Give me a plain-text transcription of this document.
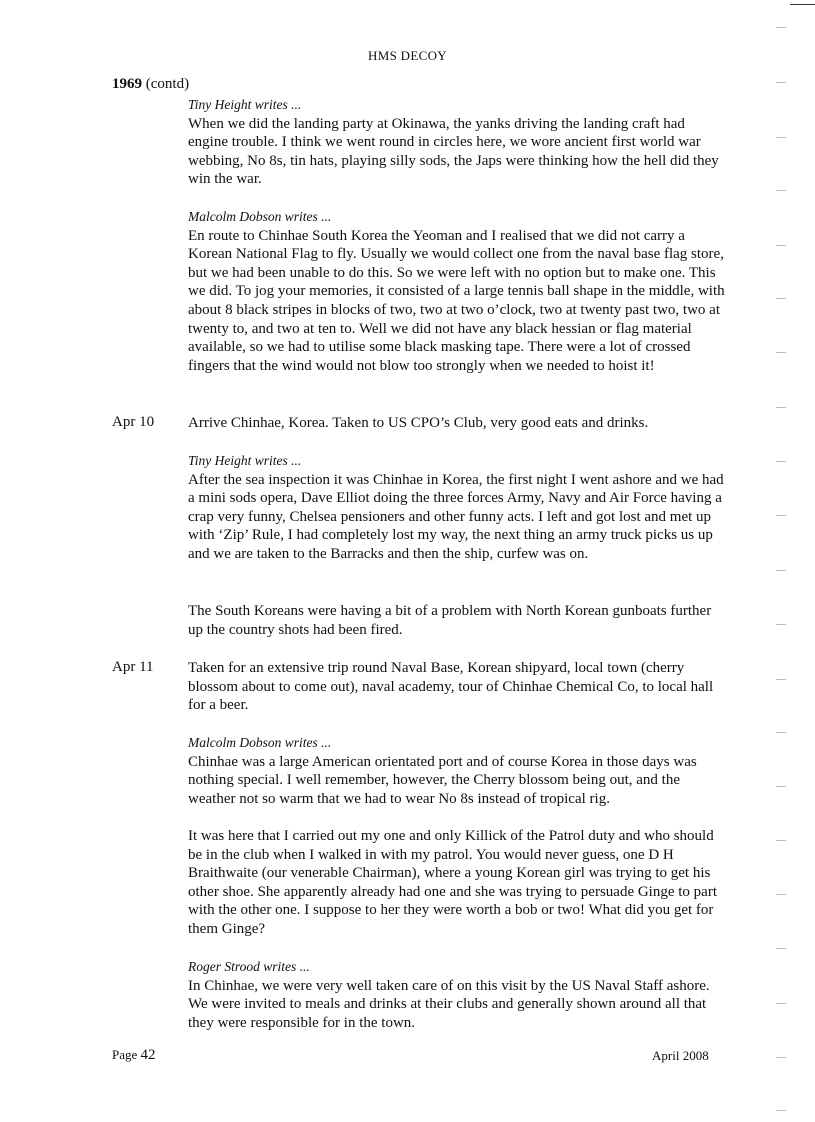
HMS DECOY
1969 (contd)
Tiny Height writes ...

When we did the landing party at Okinawa, the yanks driving the landing craft had engine trouble. I think we went round in circles here, we wore ancient first world war webbing, No 8s, tin hats, playing silly sods, the Japs were thinking how the hell did they win the war.

Malcolm Dobson writes ...

En route to Chinhae South Korea the Yeoman and I realised that we did not carry a Korean National Flag to fly. Usually we would collect one from the naval base flag store, but we had been unable to do this. So we were left with no option but to make one. This we did. To jog your memories, it consisted of a large tennis ball shape in the middle, with about 8 black stripes in blocks of two, two at two o’clock, two at twenty past two, two at twenty to, and two at ten to. Well we did not have any black hessian or flag material available, so we had to utilise some black masking tape. There were a lot of crossed fingers that the wind would not blow too strongly when we needed to hoist it!

Apr 10 Arrive Chinhae, Korea. Taken to US CPO’s Club, very good eats and drinks.

Tiny Height writes ...

After the sea inspection it was Chinhae in Korea, the first night I went ashore and we had a mini sods opera, Dave Elliot doing the three forces Army, Navy and Air Force having a crap very funny, Chelsea pensioners and other funny acts. I left and got lost and met up with ‘Zip’ Rule, I had completely lost my way, the next thing an army truck picks us up and we are taken to the Barracks and then the ship, curfew was on.

The South Koreans were having a bit of a problem with North Korean gunboats further up the country shots had been fired.

Apr 11 Taken for an extensive trip round Naval Base, Korean shipyard, local town (cherry blossom about to come out), naval academy, tour of Chinhae Chemical Co, to local hall for a beer.

Malcolm Dobson writes ...

Chinhae was a large American orientated port and of course Korea in those days was nothing special. I well remember, however, the Cherry blossom being out, and the weather not so warm that we had to wear No 8s instead of tropical rig.

It was here that I carried out my one and only Killick of the Patrol duty and who should be in the club when I walked in with my patrol. You would never guess, one D H Braithwaite (our venerable Chairman), where a young Korean girl was trying to get his other shoe. She apparently already had one and she was trying to persuade Ginge to part with the other one. I suppose to her they were worth a bob or two! What did you get for them Ginge?

Roger Strood writes ...

In Chinhae, we were very well taken care of on this visit by the US Naval Staff ashore. We were invited to meals and drinks at their clubs and generally shown around all that they were responsible for in the town.

Page 42	April 2008
